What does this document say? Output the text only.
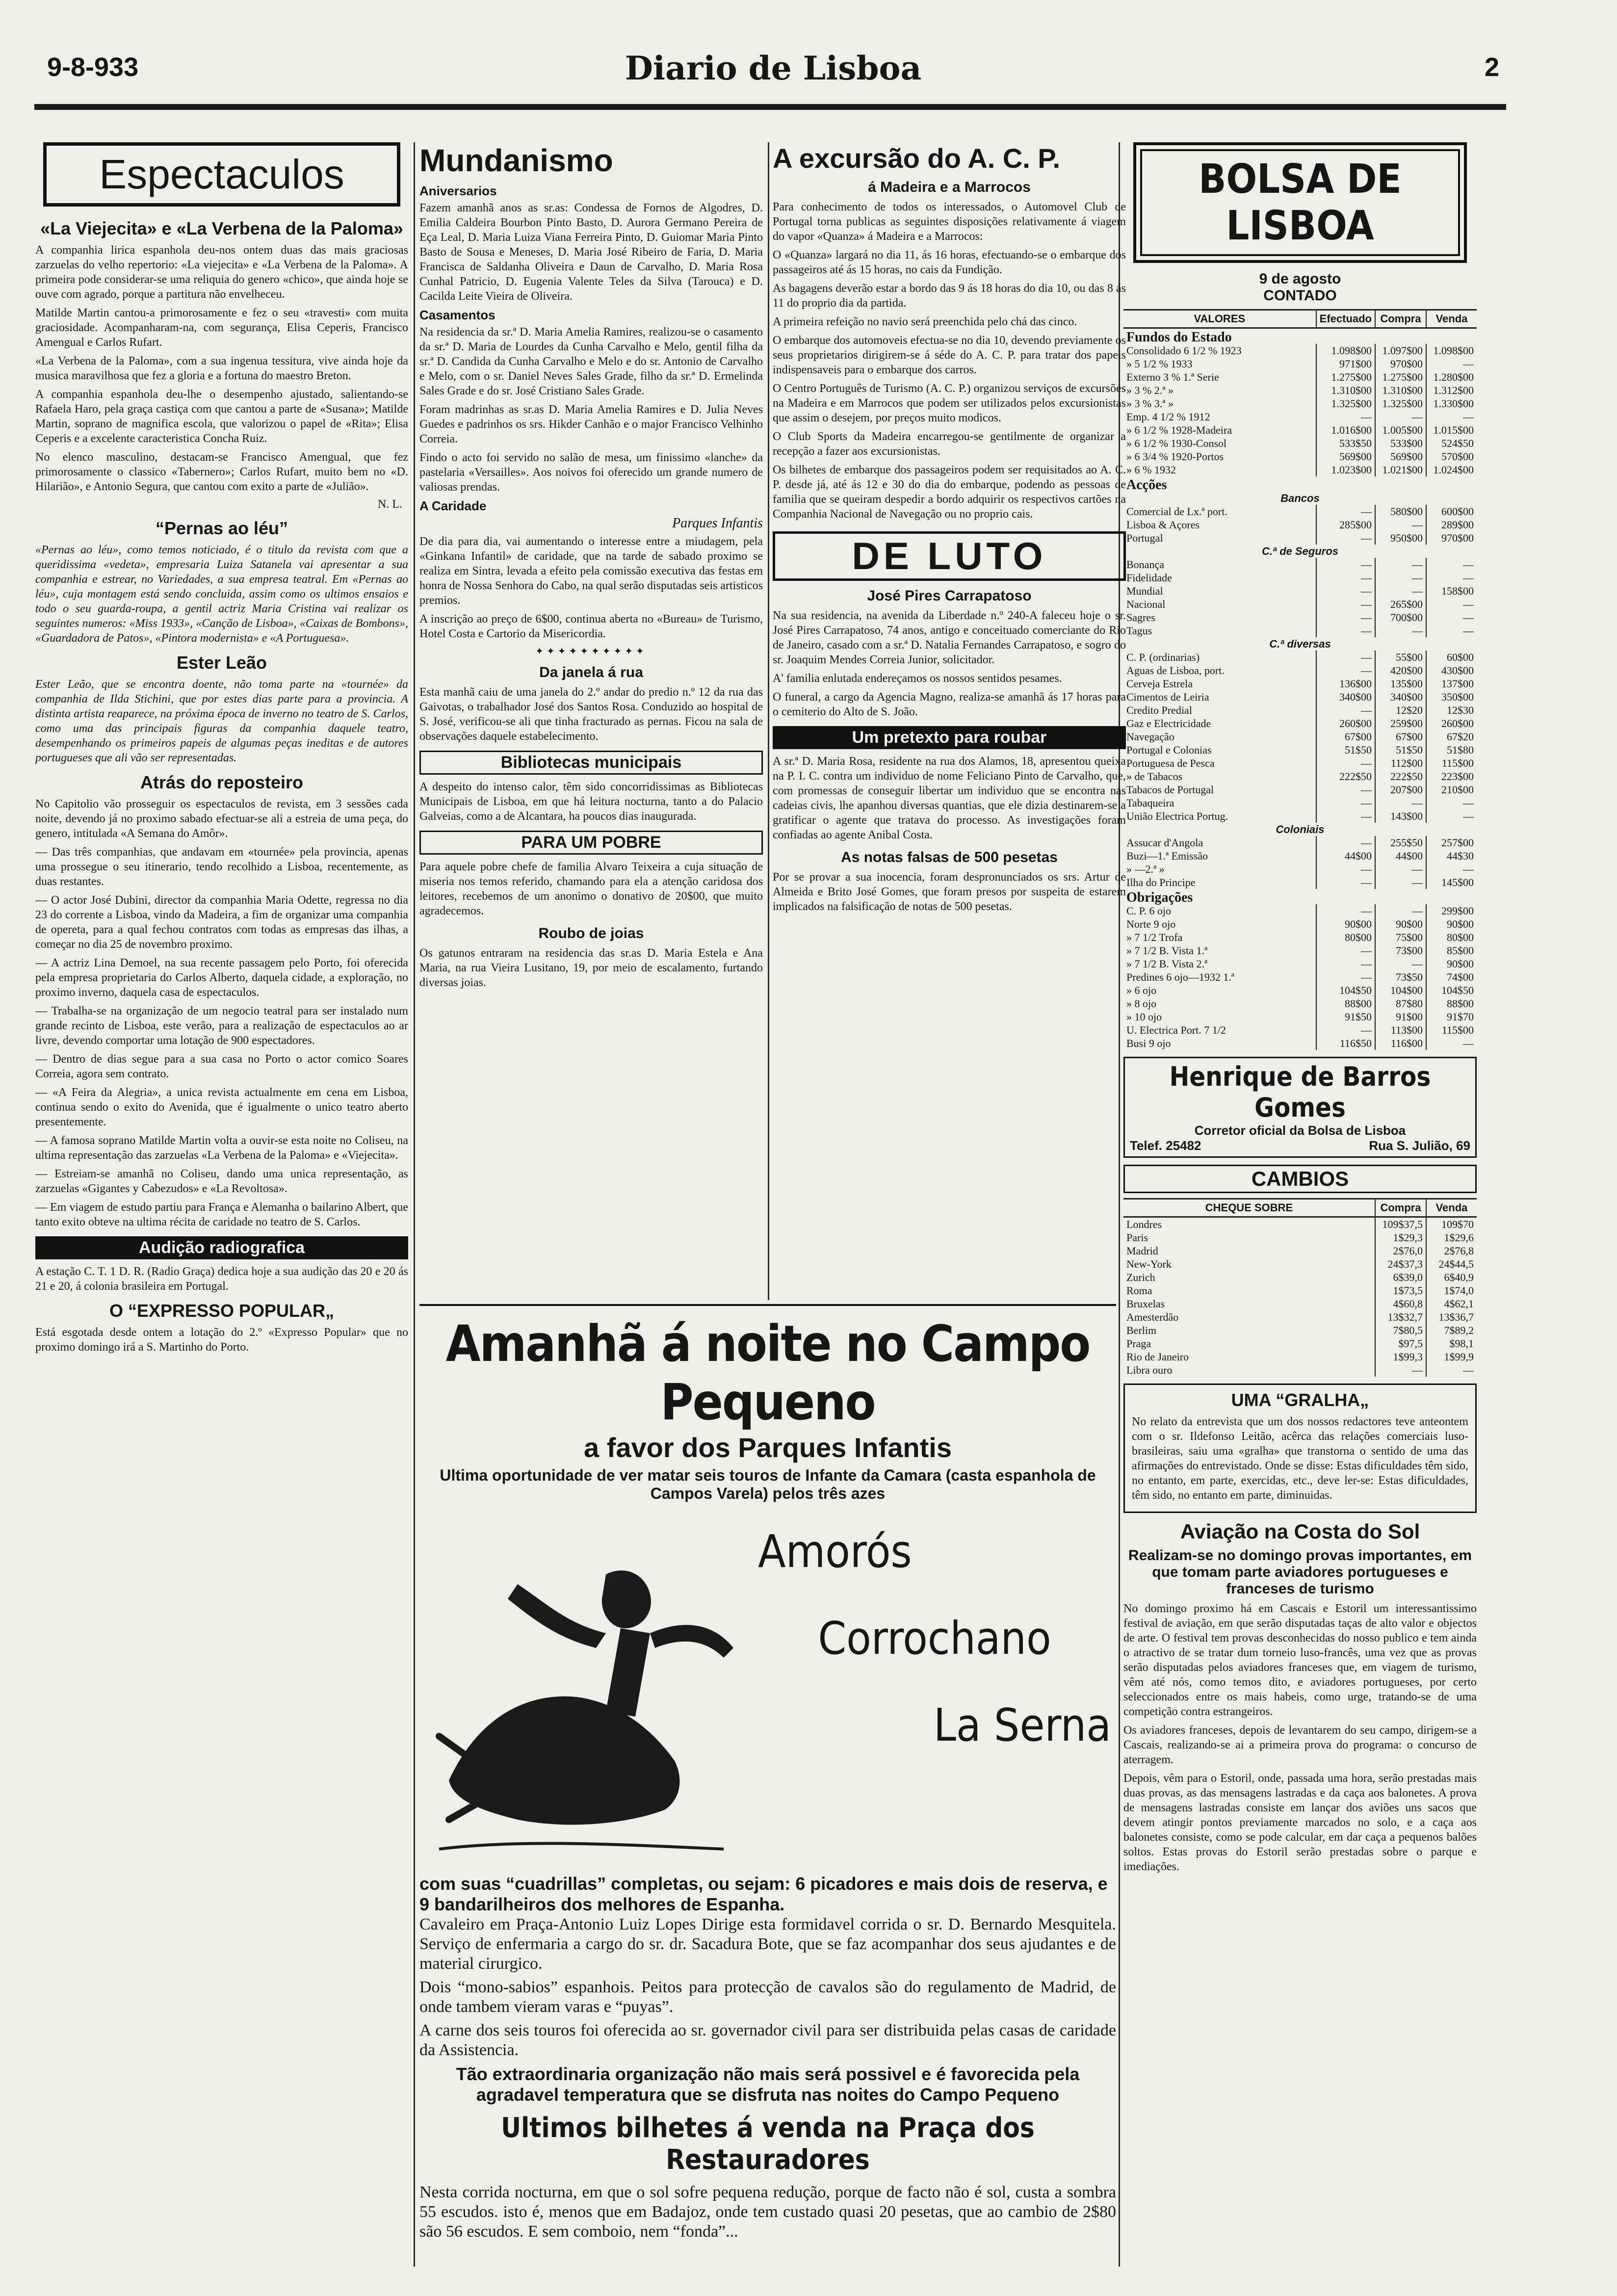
9-8-933	Diario de Lisboa	2
Espectaculos
«La Viejecita» e «La Verbena de la Paloma»

A companhia lirica espanhola deu-nos ontem duas das mais graciosas zarzuelas do velho repertorio: «La viejecita» e «La Verbena de la Paloma». A primeira pode considerar-se uma reliquia do genero «chico», que ainda hoje se ouve com agrado, porque a partitura não envelheceu.

Matilde Martin cantou-a primorosamente e fez o seu «travesti» com muita graciosidade. Acompanharam-na, com segurança, Elisa Ceperis, Francisco Amengual e Carlos Rufart.

«La Verbena de la Paloma», com a sua ingenua tessitura, vive ainda hoje da musica maravilhosa que fez a gloria e a fortuna do maestro Breton.

A companhia espanhola deu-lhe o desempenho ajustado, salientando-se Rafaela Haro, pela graça castiça com que cantou a parte de «Susana»; Matilde Martin, soprano de magnifica escola, que valorizou o papel de «Rita»; Elisa Ceperis e a excelente caracteristica Concha Ruiz.

No elenco masculino, destacam-se Francisco Amengual, que fez primorosamente o classico «Tabernero»; Carlos Rufart, muito bem no «D. Hilarião», e Antonio Segura, que cantou com exito a parte de «Julião».

N. L.
“Pernas ao léu”

«Pernas ao léu», como temos noticiado, é o titulo da revista com que a queridissima «vedeta», empresaria Luiza Satanela vai apresentar a sua companhia e estrear, no Variedades, a sua empresa teatral. Em «Pernas ao léu», cuja montagem está sendo concluida, assim como os ultimos ensaios e todo o seu guarda-roupa, a gentil actriz Maria Cristina vai realizar os seguintes numeros: «Miss 1933», «Canção de Lisboa», «Caixas de Bombons», «Guardadora de Patos», «Pintora modernista» e «A Portuguesa».

Ester Leão

Ester Leão, que se encontra doente, não toma parte na «tournée» da companhia de Ilda Stichini, que por estes dias parte para a provincia. A distinta artista reaparece, na próxima época de inverno no teatro de S. Carlos, como uma das principais figuras da companhia daquele teatro, desempenhando os primeiros papeis de algumas peças ineditas e de autores portugueses que ali vão ser representadas.

Atrás do reposteiro

No Capitolio vão prosseguir os espectaculos de revista, em 3 sessões cada noite, devendo já no proximo sabado efectuar-se ali a estreia de uma peça, do genero, intitulada «A Semana do Amôr».

— Das três companhias, que andavam em «tournée» pela provincia, apenas uma prossegue o seu itinerario, tendo recolhido a Lisboa, recentemente, as duas restantes.

— O actor José Dubini, director da companhia Maria Odette, regressa no dia 23 do corrente a Lisboa, vindo da Madeira, a fim de organizar uma companhia de opereta, para a qual fechou contratos com todas as empresas das ilhas, a começar no dia 25 de novembro proximo.

— A actriz Lina Demoel, na sua recente passagem pelo Porto, foi oferecida pela empresa proprietaria do Carlos Alberto, daquela cidade, a exploração, no proximo inverno, daquela casa de espectaculos.

— Trabalha-se na organização de um negocio teatral para ser instalado num grande recinto de Lisboa, este verão, para a realização de espectaculos ao ar livre, devendo comportar uma lotação de 900 espectadores.

— Dentro de dias segue para a sua casa no Porto o actor comico Soares Correia, agora sem contrato.

— «A Feira da Alegria», a unica revista actualmente em cena em Lisboa, continua sendo o exito do Avenida, que é igualmente o unico teatro aberto presentemente.

— A famosa soprano Matilde Martin volta a ouvir-se esta noite no Coliseu, na ultima representação das zarzuelas «La Verbena de la Paloma» e «Viejecita».

— Estreiam-se amanhã no Coliseu, dando uma unica representação, as zarzuelas «Gigantes y Cabezudos» e «La Revoltosa».

— Em viagem de estudo partiu para França e Alemanha o bailarino Albert, que tanto exito obteve na ultima récita de caridade no teatro de S. Carlos.

Audição radiografica

A estação C. T. 1 D. R. (Radio Graça) dedica hoje a sua audição das 20 e 20 ás 21 e 20, á colonia brasileira em Portugal.

O “EXPRESSO POPULAR„

Está esgotada desde ontem a lotação do 2.º «Expresso Popular» que no proximo domingo irá a S. Martinho do Porto.

Mundanismo
Aniversarios

Fazem amanhã anos as sr.as: Condessa de Fornos de Algodres, D. Emilia Caldeira Bourbon Pinto Basto, D. Aurora Germano Pereira de Eça Leal, D. Maria Luiza Viana Ferreira Pinto, D. Guiomar Maria Pinto Basto de Sousa e Meneses, D. Maria José Ribeiro de Faria, D. Maria Francisca de Saldanha Oliveira e Daun de Carvalho, D. Maria Rosa Cunhal Patricio, D. Eugenia Valente Teles da Silva (Tarouca) e D. Cacilda Leite Vieira de Oliveira.

Casamentos

Na residencia da sr.ª D. Maria Amelia Ramires, realizou-se o casamento da sr.ª D. Maria de Lourdes da Cunha Carvalho e Melo, gentil filha da sr.ª D. Candida da Cunha Carvalho e Melo e do sr. Antonio de Carvalho e Melo, com o sr. Daniel Neves Sales Grade, filho da sr.ª D. Ermelinda Sales Grade e do sr. José Cristiano Sales Grade.

Foram madrinhas as sr.as D. Maria Amelia Ramires e D. Julia Neves Guedes e padrinhos os srs. Hikder Canhão e o major Francisco Velhinho Correia.

Findo o acto foi servido no salão de mesa, um finissimo «lanche» da pastelaria «Versailles». Aos noivos foi oferecido um grande numero de valiosas prendas.

A Caridade
Parques Infantis

De dia para dia, vai aumentando o interesse entre a miudagem, pela «Ginkana Infantil» de caridade, que na tarde de sabado proximo se realiza em Sintra, levada a efeito pela comissão executiva das festas em honra de Nossa Senhora do Cabo, na qual serão disputadas seis artisticos premios.

A inscrição ao preço de 6$00, continua aberta no «Bureau» de Turismo, Hotel Costa e Cartorio da Misericordia.

✦✦✦✦✦✦✦✦✦✦
Da janela á rua

Esta manhã caiu de uma janela do 2.º andar do predio n.º 12 da rua das Gaivotas, o trabalhador José dos Santos Rosa. Conduzido ao hospital de S. José, verificou-se ali que tinha fracturado as pernas. Ficou na sala de observações daquele estabelecimento.

Bibliotecas municipais

A despeito do intenso calor, têm sido concorridissimas as Bibliotecas Municipais de Lisboa, em que há leitura nocturna, tanto a do Palacio Galveias, como a de Alcantara, ha poucos dias inaugurada.

PARA UM POBRE

Para aquele pobre chefe de familia Alvaro Teixeira a cuja situação de miseria nos temos referido, chamando para ela a atenção caridosa dos leitores, recebemos de um anonimo o donativo de 20$00, que muito agradecemos.

Roubo de joias

Os gatunos entraram na residencia das sr.as D. Maria Estela e Ana Maria, na rua Vieira Lusitano, 19, por meio de escalamento, furtando diversas joias.

A excursão do A. C. P.
á Madeira e a Marrocos

Para conhecimento de todos os interessados, o Automovel Club de Portugal torna publicas as seguintes disposições relativamente á viagem do vapor «Quanza» á Madeira e a Marrocos:

O «Quanza» largará no dia 11, ás 16 horas, efectuando-se o embarque dos passageiros até ás 15 horas, no cais da Fundição.

As bagagens deverão estar a bordo das 9 ás 18 horas do dia 10, ou das 8 ás 11 do proprio dia da partida.

A primeira refeição no navio será preenchida pelo chá das cinco.

O embarque dos automoveis efectua-se no dia 10, devendo previamente os seus proprietarios dirigirem-se á séde do A. C. P. para tratar dos papeis indispensaveis para o embarque dos carros.

O Centro Português de Turismo (A. C. P.) organizou serviços de excursões na Madeira e em Marrocos que podem ser utilizados pelos excursionistas que assim o desejem, por preços muito modicos.

O Club Sports da Madeira encarregou-se gentilmente de organizar a recepção a fazer aos excursionistas.

Os bilhetes de embarque dos passageiros podem ser requisitados ao A. C. P. desde já, até ás 12 e 30 do dia do embarque, podendo as pessoas de familia que se queiram despedir a bordo adquirir os respectivos cartões na Companhia Nacional de Navegação ou no proprio cais.

DE LUTO
José Pires Carrapatoso

Na sua residencia, na avenida da Liberdade n.º 240-A faleceu hoje o sr. José Pires Carrapatoso, 74 anos, antigo e conceituado comerciante do Rio de Janeiro, casado com a sr.ª D. Natalia Fernandes Carrapatoso, e sogro do sr. Joaquim Mendes Correia Junior, solicitador.

A' familia enlutada endereçamos os nossos sentidos pesames.

O funeral, a cargo da Agencia Magno, realiza-se amanhã ás 17 horas para o cemiterio do Alto de S. João.

Um pretexto para roubar

A sr.ª D. Maria Rosa, residente na rua dos Alamos, 18, apresentou queixa na P. I. C. contra um individuo de nome Feliciano Pinto de Carvalho, que, com promessas de conseguir libertar um individuo que se encontra nas cadeias civis, lhe apanhou diversas quantias, que ele dizia destinarem-se a gratificar o agente que tratava do processo. As investigações foram confiadas ao agente Anibal Costa.

As notas falsas de 500 pesetas

Por se provar a sua inocencia, foram despronunciados os srs. Artur de Almeida e Brito José Gomes, que foram presos por suspeita de estarem implicados na falsificação de notas de 500 pesetas.

BOLSA DE LISBOA
9 de agosto
CONTADO
VALORES	Efectuado	Compra	Venda
Fundos do Estado			
Consolidado 6 1/2 % 1923	1.098$00	1.097$00	1.098$00
» 5 1/2 % 1933	971$00	970$00	—
Externo 3 % 1.ª Serie	1.275$00	1.275$00	1.280$00
» 3 % 2.ª »	1.310$00	1.310$00	1.312$00
» 3 % 3.ª »	1.325$00	1.325$00	1.330$00
Emp. 4 1/2 % 1912	—	—	—
» 6 1/2 % 1928-Madeira	1.016$00	1.005$00	1.015$00
» 6 1/2 % 1930-Consol	533$50	533$00	524$50
» 6 3/4 % 1920-Portos	569$00	569$00	570$00
» 6 % 1932	1.023$00	1.021$00	1.024$00
Acções			
Bancos			
Comercial de Lx.ª port.	—	580$00	600$00
Lisboa & Açores	285$00	—	289$00
Portugal	—	950$00	970$00
C.ª de Seguros			
Bonança	—	—	—
Fidelidade	—	—	—
Mundial	—	—	158$00
Nacional	—	265$00	—
Sagres	—	700$00	—
Tagus	—	—	—
C.ª diversas			
C. P. (ordinarias)	—	55$00	60$00
Aguas de Lisboa, port.	—	420$00	430$00
Cerveja Estrela	136$00	135$00	137$00
Cimentos de Leiria	340$00	340$00	350$00
Credito Predial	—	12$20	12$30
Gaz e Electricidade	260$00	259$00	260$00
Navegação	67$00	67$00	67$20
Portugal e Colonias	51$50	51$50	51$80
Portuguesa de Pesca	—	112$00	115$00
» de Tabacos	222$50	222$50	223$00
Tabacos de Portugal	—	207$00	210$00
Tabaqueira	—	—	—
União Electrica Portug.	—	143$00	—
Coloniais			
Assucar d'Angola	—	255$50	257$00
Buzi—1.ª Emissão	44$00	44$00	44$30
» —2.ª »	—	—	—
Ilha do Principe	—	—	145$00
Obrigações			
C. P. 6 ojo	—	—	299$00
Norte 9 ojo	90$00	90$00	90$00
» 7 1/2 Trofa	80$00	75$00	80$00
» 7 1/2 B. Vista 1.ª	—	73$00	85$00
» 7 1/2 B. Vista 2.ª	—	—	90$00
Predines 6 ojo—1932 1.ª	—	73$50	74$00
» 6 ojo	104$50	104$00	104$50
» 8 ojo	88$00	87$80	88$00
» 10 ojo	91$50	91$00	91$70
U. Electrica Port. 7 1/2	—	113$00	115$00
Busi 9 ojo	116$50	116$00	—
Henrique de Barros Gomes
Corretor oficial da Bolsa de Lisboa
Telef. 25482	Rua S. Julião, 69
CAMBIOS
CHEQUE SOBRE	Compra	Venda
Londres	109$37,5	109$70
Paris	1$29,3	1$29,6
Madrid	2$76,0	2$76,8
New-York	24$37,3	24$44,5
Zurich	6$39,0	6$40,9
Roma	1$73,5	1$74,0
Bruxelas	4$60,8	4$62,1
Amesterdão	13$32,7	13$36,7
Berlim	7$80,5	7$89,2
Praga	$97,5	$98,1
Rio de Janeiro	1$99,3	1$99,9
Libra ouro	—	—
UMA “GRALHA„

No relato da entrevista que um dos nossos redactores teve anteontem com o sr. Ildefonso Leitão, acêrca das relações comerciais luso-brasileiras, saiu uma «gralha» que transtorna o sentido de uma das afirmações do entrevistado. Onde se disse: Estas dificuldades têm sido, no entanto, em parte, exercidas, etc., deve ler-se: Estas dificuldades, têm sido, no entanto em parte, diminuidas.

Aviação na Costa do Sol
Realizam-se no domingo provas importantes, em que tomam parte aviadores portugueses e franceses de turismo

No domingo proximo há em Cascais e Estoril um interessantissimo festival de aviação, em que serão disputadas taças de alto valor e objectos de arte. O festival tem provas desconhecidas do nosso publico e tem ainda o atractivo de se tratar dum torneio luso-francês, uma vez que as provas serão disputadas pelos aviadores franceses que, em viagem de turismo, vêm até nós, como temos dito, e aviadores portugueses, por certo seleccionados entre os mais habeis, como urge, tratando-se de uma competição contra estrangeiros.

Os aviadores franceses, depois de levantarem do seu campo, dirigem-se a Cascais, realizando-se ai a primeira prova do programa: o concurso de aterragem.

Depois, vêm para o Estoril, onde, passada uma hora, serão prestadas mais duas provas, as das mensagens lastradas e da caça aos balonetes. A prova de mensagens lastradas consiste em lançar dos aviões uns sacos que devem atingir pontos previamente marcados no solo, e a caça aos balonetes consiste, como se pode calcular, em dar caça a pequenos balões soltos. Estas provas do Estoril serão prestadas sobre o parque e imediações.

Amanhã á noite no Campo Pequeno
a favor dos Parques Infantis
Ultima oportunidade de ver matar seis touros de Infante da Camara (casta espanhola de Campos Varela) pelos três azes
Amorós
Corrochano
La Serna
com suas “cuadrillas” completas, ou sejam: 6 picadores e mais dois de reserva, e 9 bandarilheiros dos melhores de Espanha.

Cavaleiro em Praça-Antonio Luiz Lopes Dirige esta formidavel corrida o sr. D. Bernardo Mesquitela. Serviço de enfermaria a cargo do sr. dr. Sacadura Bote, que se faz acompanhar dos seus ajudantes e de material cirurgico.

Dois “mono-sabios” espanhois. Peitos para protecção de cavalos são do regulamento de Madrid, de onde tambem vieram varas e “puyas”.

A carne dos seis touros foi oferecida ao sr. governador civil para ser distribuida pelas casas de caridade da Assistencia.

Tão extraordinaria organização não mais será possivel e é favorecida pela agradavel temperatura que se disfruta nas noites do Campo Pequeno
Ultimos bilhetes á venda na Praça dos Restauradores

Nesta corrida nocturna, em que o sol sofre pequena redução, porque de facto não é sol, custa a sombra 55 escudos. isto é, menos que em Badajoz, onde tem custado quasi 20 pesetas, que ao cambio de 2$80 são 56 escudos. E sem comboio, nem “fonda”...
